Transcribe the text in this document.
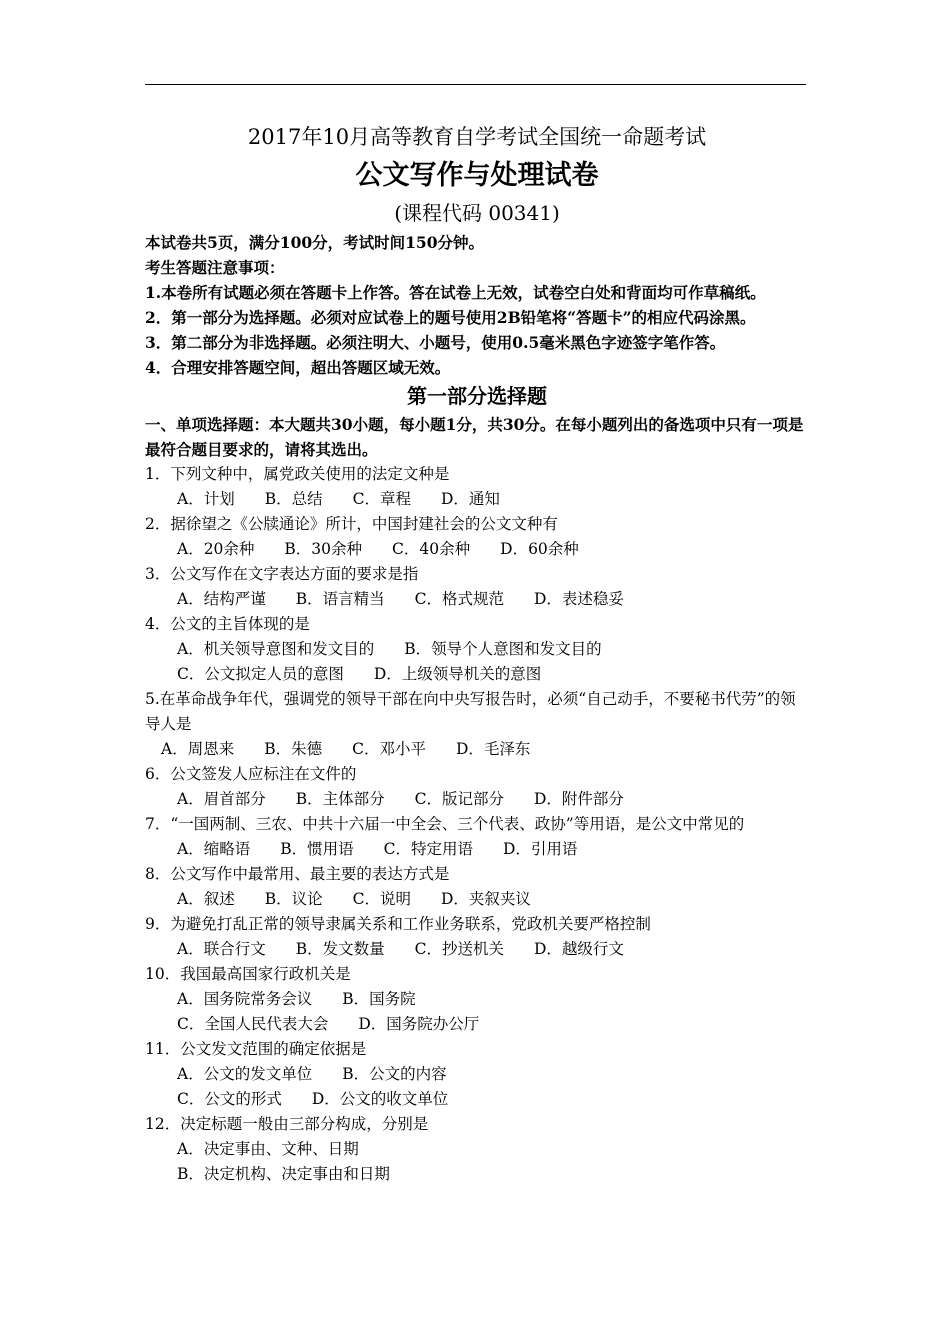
2017年10月高等教育自学考试全国统一命题考试
公文写作与处理试卷
(课程代码 00341)

本试卷共5页，满分100分，考试时间150分钟。

考生答题注意事项：

1.本卷所有试题必须在答题卡上作答。答在试卷上无效，试卷空白处和背面均可作草稿纸。

2．第一部分为选择题。必须对应试卷上的题号使用2B铅笔将“答题卡”的相应代码涂黑。

3．第二部分为非选择题。必须注明大、小题号，使用0.5毫米黑色字迹签字笔作答。

4．合理安排答题空间，超出答题区域无效。

第一部分选择题

一、单项选择题：本大题共30小题，每小题1分，共30分。在每小题列出的备选项中只有一项是最符合题目要求的，请将其选出。

1．下列文种中，属党政关使用的法定文种是

A．计划 B．总结 C．章程 D．通知

2．据徐望之《公牍通论》所计，中国封建社会的公文文种有

A．20余种 B．30余种 C．40余种 D．60余种

3．公文写作在文字表达方面的要求是指

A．结构严谨 B．语言精当 C．格式规范 D．表述稳妥

4．公文的主旨体现的是

A．机关领导意图和发文目的 B．领导个人意图和发文目的

C．公文拟定人员的意图 D．上级领导机关的意图

5.在革命战争年代，强调党的领导干部在向中央写报告时，必须“自己动手，不要秘书代劳”的领导人是

A．周恩来 B．朱德 C．邓小平 D．毛泽东

6．公文签发人应标注在文件的

A．眉首部分 B．主体部分 C．版记部分 D．附件部分

7．“一国两制、三农、中共十六届一中全会、三个代表、政协”等用语，是公文中常见的

A．缩略语 B．惯用语 C．特定用语 D．引用语

8．公文写作中最常用、最主要的表达方式是

A．叙述 B．议论 C．说明 D．夹叙夹议

9．为避免打乱正常的领导隶属关系和工作业务联系，党政机关要严格控制

A．联合行文 B．发文数量 C．抄送机关 D．越级行文

10．我国最高国家行政机关是

A．国务院常务会议 B．国务院

C．全国人民代表大会 D．国务院办公厅

11．公文发文范围的确定依据是

A．公文的发文单位 B．公文的内容

C．公文的形式 D．公文的收文单位

12．决定标题一般由三部分构成，分别是

A．决定事由、文种、日期

B．决定机构、决定事由和日期
